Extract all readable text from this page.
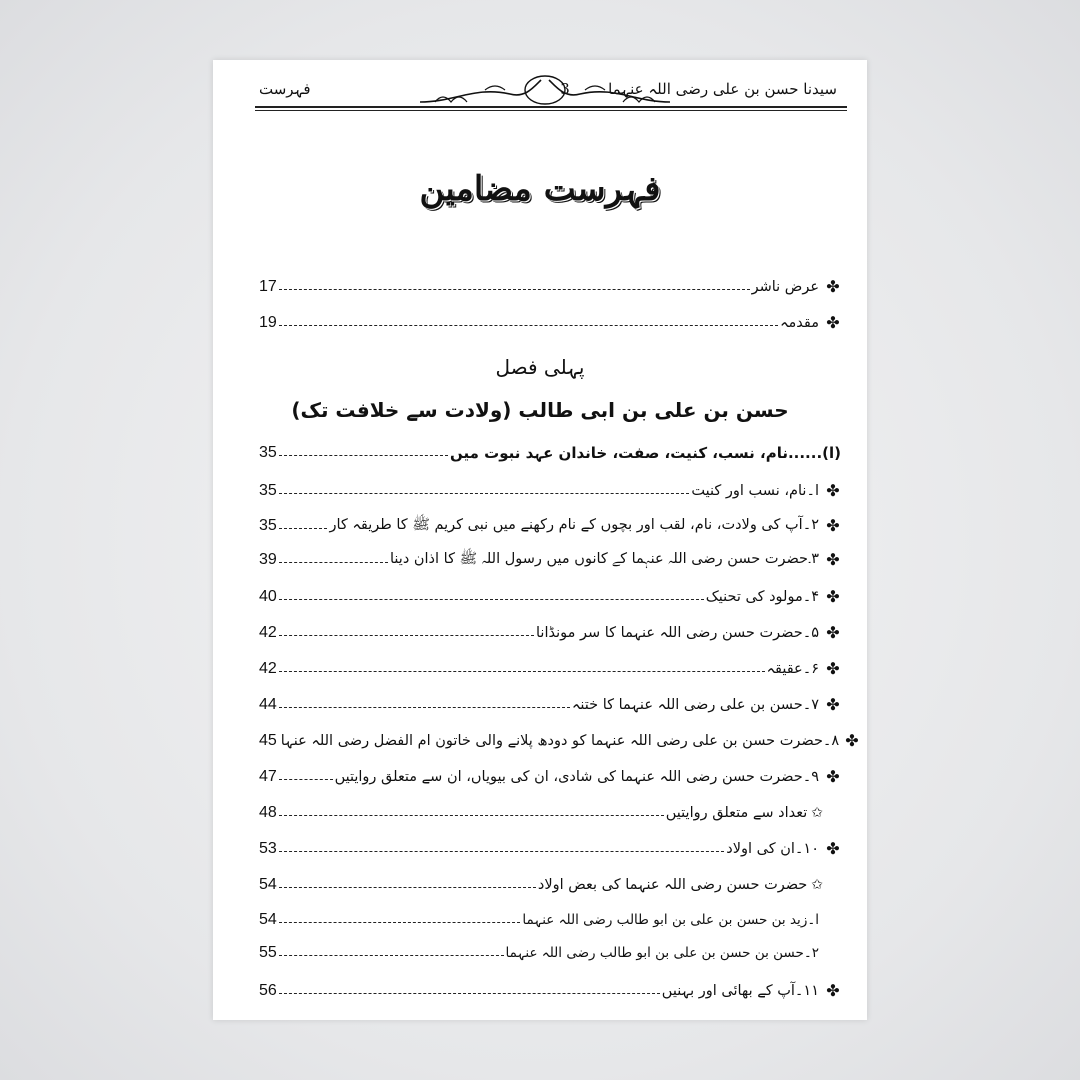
فہرست	3	سیدنا حسن بن علی رضی اللہ عنہما
فہرست مضامین
17	عرض ناشر ✤
19	مقدمہ ✤
پہلی فصل
حسن بن علی بن ابی طالب (ولادت سے خلافت تک)
35	(ا)......نام، نسب، کنیت، صفت، خاندان عہد نبوت میں
35	ا۔نام، نسب اور کنیت ✤
35	۲۔آپ کی ولادت، نام، لقب اور بچوں کے نام رکھنے میں نبی کریم ﷺ کا طریقہ کار ✤
39	۳۔حضرت حسن رضی اللہ عنہما کے کانوں میں رسول اللہ ﷺ کا اذان دینا ✤
40	۴۔مولود کی تحنیک ✤
42	۵۔حضرت حسن رضی اللہ عنہما کا سر مونڈانا ✤
42	۶۔عقیقہ ✤
44	۷۔حسن بن علی رضی اللہ عنہما کا ختنہ ✤
45 ۸۔حضرت حسن بن علی رضی اللہ عنہما کو دودھ پلانے والی خاتون ام الفضل رضی اللہ عنہا ✤
47	۹۔حضرت حسن رضی اللہ عنہما کی شادی، ان کی بیویاں، ان سے متعلق روایتیں ✤
48	تعداد سے متعلق روایتیں ✩
53	۱۰۔ان کی اولاد ✤
54	حضرت حسن رضی اللہ عنہما کی بعض اولاد ✩
54	ا۔زید بن حسن بن علی بن ابو طالب رضی اللہ عنہما
55	۲۔حسن بن حسن بن علی بن ابو طالب رضی اللہ عنہما
56	۱۱۔آپ کے بھائی اور بہنیں ✤
